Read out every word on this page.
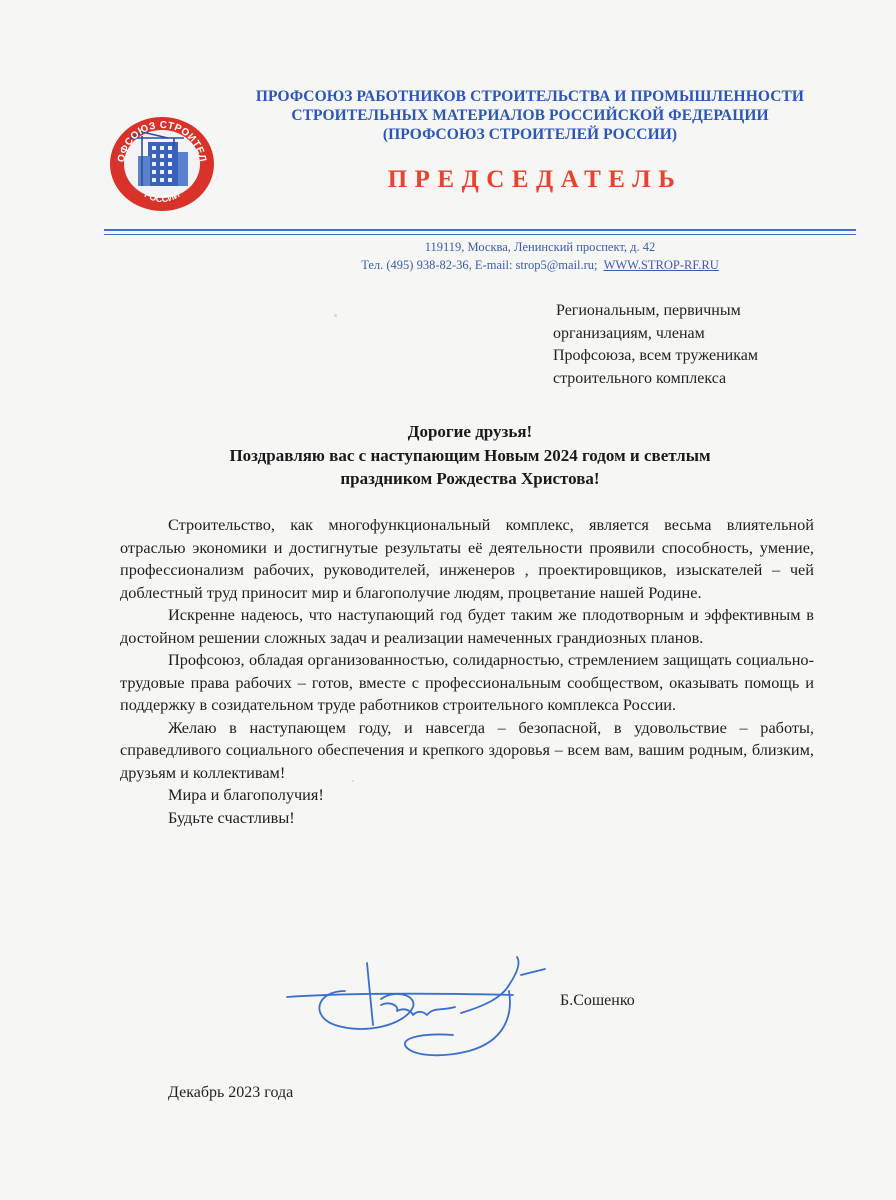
ОФСОЮЗ СТРОИТЕЛ
РОССИИ
ПРОФСОЮЗ РАБОТНИКОВ СТРОИТЕЛЬСТВА И ПРОМЫШЛЕННОСТИ
СТРОИТЕЛЬНЫХ МАТЕРИАЛОВ РОССИЙСКОЙ ФЕДЕРАЦИИ
(ПРОФСОЮЗ СТРОИТЕЛЕЙ РОССИИ)
ПРЕДСЕДАТЕЛЬ
119119, Москва, Ленинский проспект, д. 42
Тел. (495) 938-82-36, E-mail: strop5@mail.ru; WWW.STROP-RF.RU
Региональным, первичным
организациям, членам
Профсоюза, всем труженикам
строительного комплекса
Дорогие друзья!
Поздравляю вас с наступающим Новым 2024 годом и светлым
праздником Рождества Христова!

Строительство, как многофункциональный комплекс, является весьма влиятельной отраслью экономики и достигнутые результаты её деятельности проявили способность, умение, профессионализм рабочих, руководителей, инженеров , проектировщиков, изыскателей – чей доблестный труд приносит мир и благополучие людям, процветание нашей Родине.

Искренне надеюсь, что наступающий год будет таким же плодотворным и эффективным в достойном решении сложных задач и реализации намеченных грандиозных планов.

Профсоюз, обладая организованностью, солидарностью, стремлением защищать социально-трудовые права рабочих – готов, вместе с профессиональным сообществом, оказывать помощь и поддержку в созидательном труде работников строительного комплекса России.

Желаю в наступающем году, и навсегда – безопасной, в удовольствие – работы, справедливого социального обеспечения и крепкого здоровья – всем вам, вашим родным, близким, друзьям и коллективам!

Мира и благополучия!

Будьте счастливы!

Б.Сошенко
Декабрь 2023 года
